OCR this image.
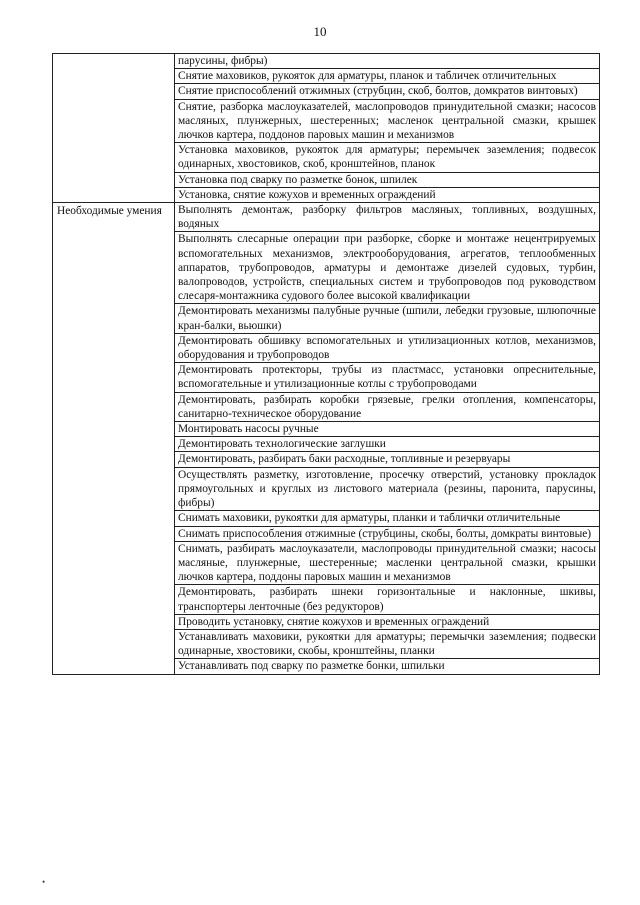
10
	парусины, фибры)
	Снятие маховиков, рукояток для арматуры, планок и табличек отличительных
	Снятие приспособлений отжимных (струбцин, скоб, болтов, домкратов винтовых)
	Снятие, разборка маслоуказателей, маслопроводов принудительной смазки; насосов масляных, плунжерных, шестеренных; масленок центральной смазки, крышек лючков картера, поддонов паровых машин и механизмов
	Установка маховиков, рукояток для арматуры; перемычек заземления; подвесок одинарных, хвостовиков, скоб, кронштейнов, планок
	Установка под сварку по разметке бонок, шпилек
	Установка, снятие кожухов и временных ограждений
Необходимые умения	Выполнять демонтаж, разборку фильтров масляных, топливных, воздушных, водяных
	Выполнять слесарные операции при разборке, сборке и монтаже нецентрируемых вспомогательных механизмов, электрооборудования, агрегатов, теплообменных аппаратов, трубопроводов, арматуры и демонтаже дизелей судовых, турбин, валопроводов, устройств, специальных систем и трубопроводов под руководством слесаря-монтажника судового более высокой квалификации
	Демонтировать механизмы палубные ручные (шпили, лебедки грузовые, шлюпочные кран-балки, вьюшки)
	Демонтировать обшивку вспомогательных и утилизационных котлов, механизмов, оборудования и трубопроводов
	Демонтировать протекторы, трубы из пластмасс, установки опреснительные, вспомогательные и утилизационные котлы с трубопроводами
	Демонтировать, разбирать коробки грязевые, грелки отопления, компенсаторы, санитарно-техническое оборудование
	Монтировать насосы ручные
	Демонтировать технологические заглушки
	Демонтировать, разбирать баки расходные, топливные и резервуары
	Осуществлять разметку, изготовление, просечку отверстий, установку прокладок прямоугольных и круглых из листового материала (резины, паронита, парусины, фибры)
	Снимать маховики, рукоятки для арматуры, планки и таблички отличительные
	Снимать приспособления отжимные (струбцины, скобы, болты, домкраты винтовые)
	Снимать, разбирать маслоуказатели, маслопроводы принудительной смазки; насосы масляные, плунжерные, шестеренные; масленки центральной смазки, крышки лючков картера, поддоны паровых машин и механизмов
	Демонтировать, разбирать шнеки горизонтальные и наклонные, шкивы, транспортеры ленточные (без редукторов)
	Проводить установку, снятие кожухов и временных ограждений
	Устанавливать маховики, рукоятки для арматуры; перемычки заземления; подвески одинарные, хвостовики, скобы, кронштейны, планки
	Устанавливать под сварку по разметке бонки, шпильки
•
